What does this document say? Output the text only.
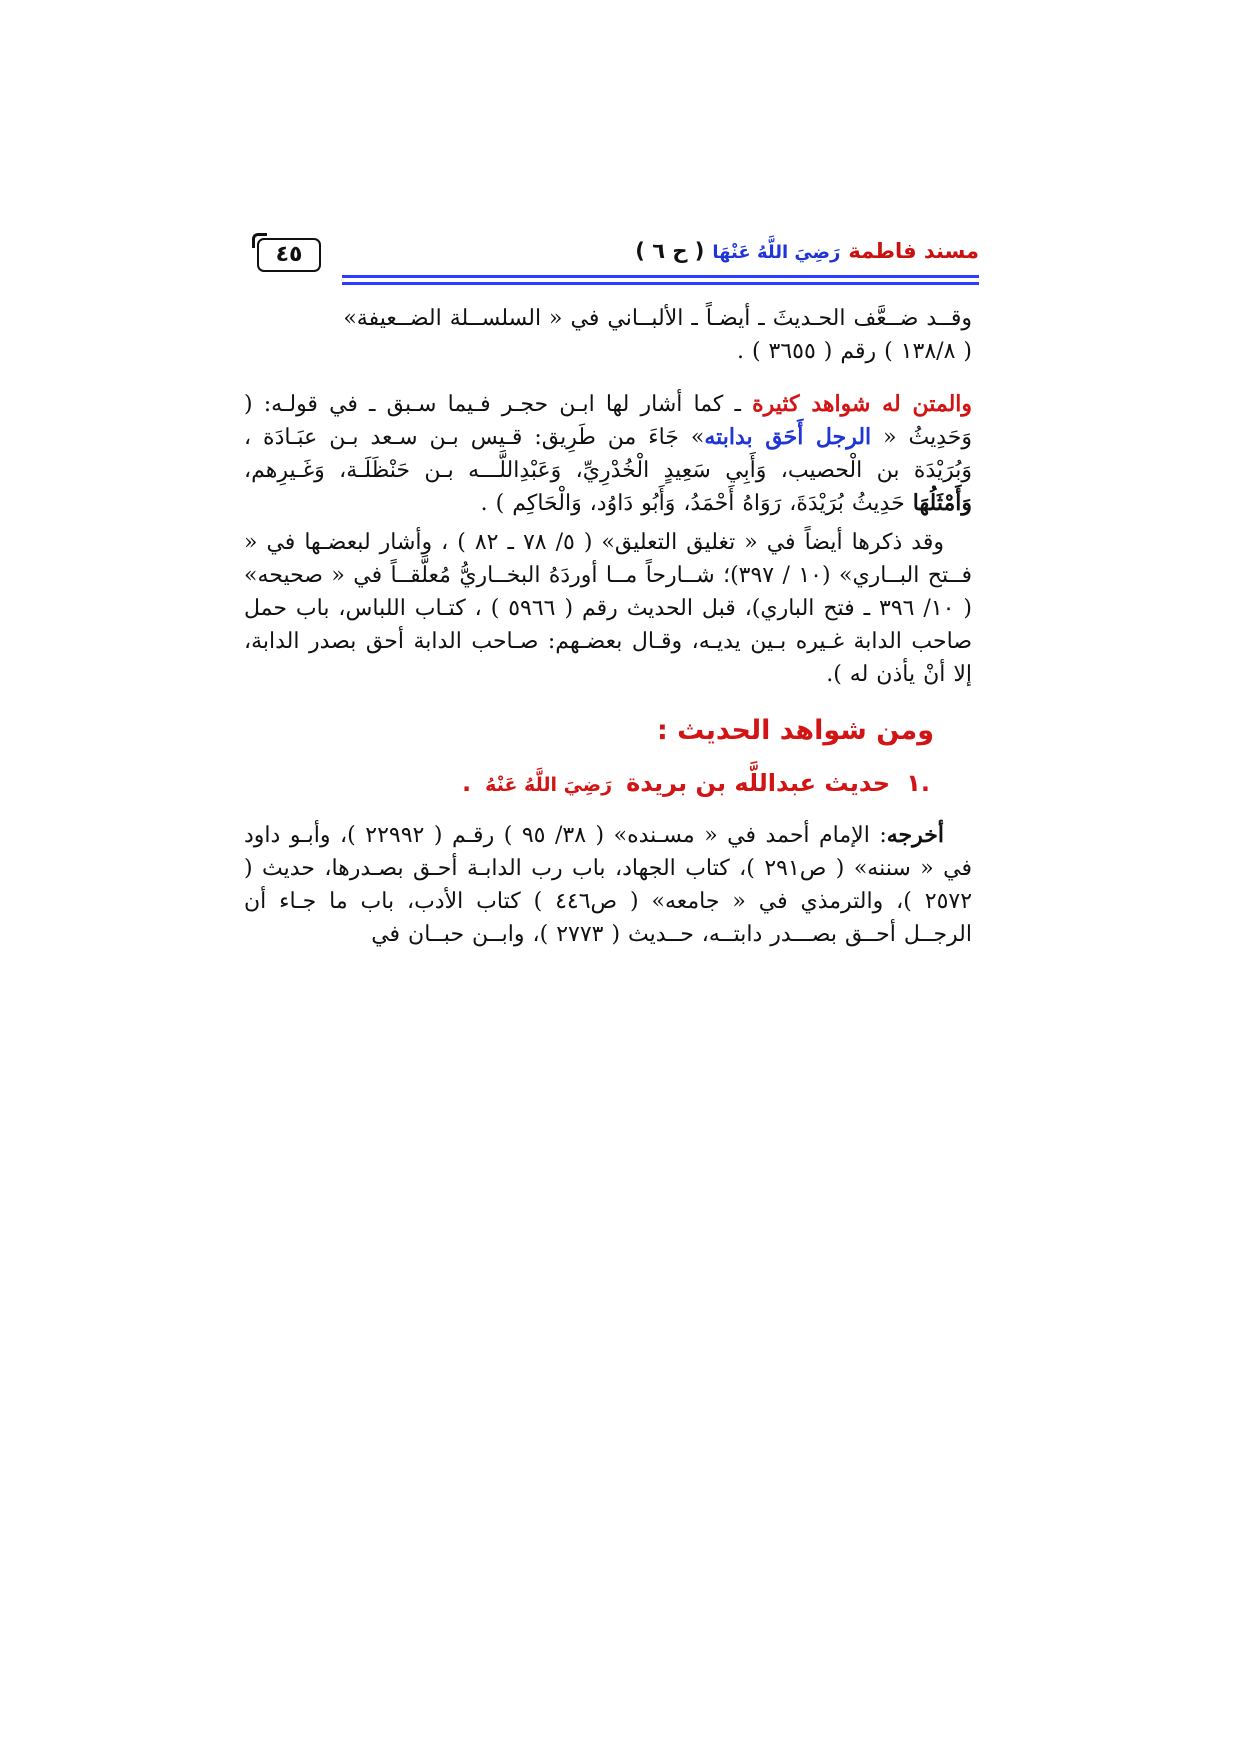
٤٥	مسند فاطمة
رَضِيَ اللَّهُ عَنْهَا
( ح ٦ )

وقــد ضــعَّف الحـديثَ ـ أيضـاً ـ الألبــاني في « السلســلة الضــعيفة»
( ١٣٨/٨ ) رقم ( ٣٦٥٥ ) .

والمتن له شواهد كثيرة ـ كما أشار لها ابـن حجـر فـيما سـبق ـ في قولـه: ( وَحَدِيثُ « الرجل أَحَق بدابته» جَاءَ من طَرِيق: قـيس بـن سـعد بـن عبَـادَة ، وَبُرَيْدَة بن الْحصيب، وَأَبِي سَعِيدٍ الْخُدْرِيِّ، وَعَبْدِاللَّـــه بـن حَنْظَلَـة، وَغَـيرِهم، وَأَمْثَلُهَا حَدِيثُ بُرَيْدَةَ، رَوَاهُ أَحْمَدُ، وَأَبُو دَاوُد، وَالْحَاكِم ) .

وقد ذكرها أيضاً في « تغليق التعليق» ( ٥/ ٧٨ ـ ٨٢ ) ، وأشار لبعضـها في « فــتح البــاري» (١٠ / ٣٩٧)؛ شــارحاً مــا أوردَهُ البخــاريُّ مُعلَّقــاً في « صحيحه» ( ١٠/ ٣٩٦ ـ فتح الباري)، قبل الحديث رقم ( ٥٩٦٦ ) ، كتـاب اللباس، باب حمل صاحب الدابة غـيره بـين يديـه، وقـال بعضـهم: صـاحب الدابة أحق بصدر الدابة، إلا أنْ يأذن له ).

ومن شواهد الحديث :
.١
حديث عبداللَّه بن بريدة
رَضِيَ اللَّهُ عَنْهُ
.

أخرجه: الإمام أحمد في « مسـنده» ( ٣٨/ ٩٥ ) رقـم ( ٢٢٩٩٢ )، وأبـو داود في « سننه» ( ص٢٩١ )، كتاب الجهاد، باب رب الدابـة أحـق بصـدرها، حديث ( ٢٥٧٢ )، والترمذي في « جامعه» ( ص٤٤٦ ) كتاب الأدب، باب ما جـاء أن الرجــل أحــق بصـــدر دابتــه، حــديث ( ٢٧٧٣ )، وابــن حبــان في
